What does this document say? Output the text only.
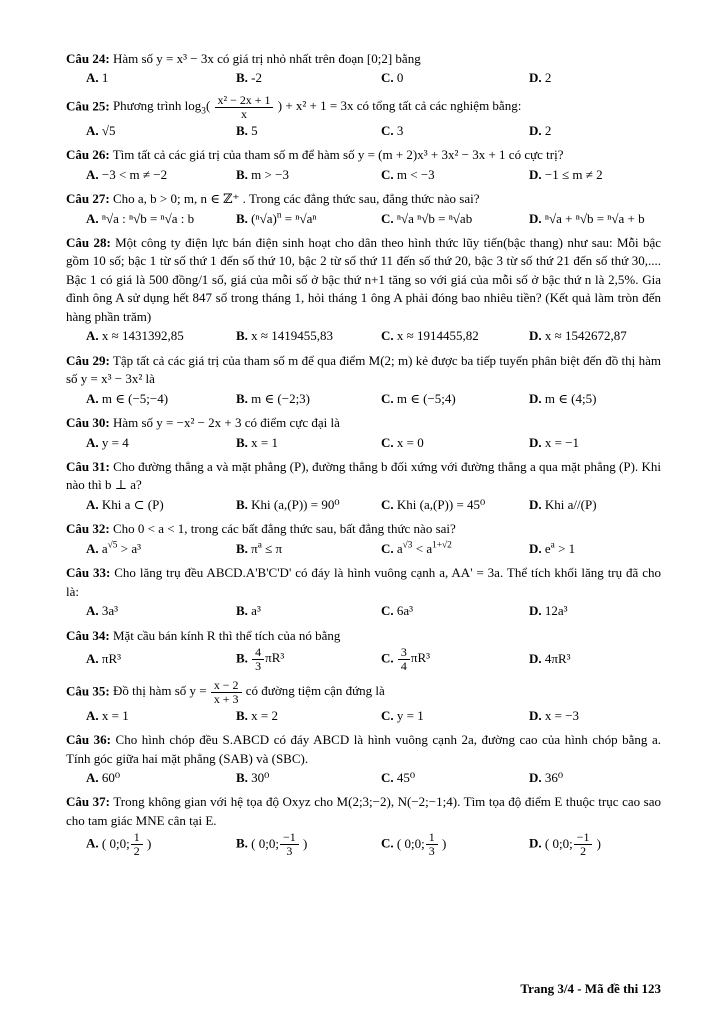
Câu 24: Hàm số y = x³ − 3x có giá trị nhỏ nhất trên đoạn [0;2] bằng
A. 1	B. -2	C. 0	D. 2
Câu 25: Phương trình $\log_3( \frac{\text{x² − 2x + 1}}{x}$ ) + x² + 1 = 3x có tổng tất cả các nghiệm bằng:
A. √5	B. 5	C. 3	D. 2
Câu 26: Tìm tất cả các giá trị của tham số m để hàm số y = (m + 2)x³ + 3x² − 3x + 1 có cực trị?
A. −3 < m ≠ −2	B. m > −3	C. m < −3	D. −1 ≤ m ≠ 2
Câu 27: Cho a, b > 0; m, n ∈ ℤ⁺ . Trong các đẳng thức sau, đẳng thức nào sai?
A. ⁿ√a : ⁿ√b = ⁿ√a : b	B. $(^n√a)^n = ^n√a^n$	C. ⁿ√a ⁿ√b = ⁿ√ab	D. ⁿ√a + ⁿ√b = ⁿ√a + b
Câu 28: Một công ty điện lực bán điện sinh hoạt cho dân theo hình thức lũy tiến(bậc thang) như sau: Mỗi bậc gồm 10 số; bậc 1 từ số thứ 1 đến số thứ 10, bậc 2 từ số thứ 11 đến số thứ 20, bậc 3 từ số thứ 21 đến số thứ 30,.... Bậc 1 có giá là 500 đồng/1 số, giá của mỗi số ở bậc thứ n+1 tăng so với giá của mỗi số ở bậc thứ n là 2,5%. Gia đình ông A sử dụng hết 847 số trong tháng 1, hỏi tháng 1 ông A phải đóng bao nhiêu tiền? (Kết quả làm tròn đến hàng phần trăm)
A. x ≈ 1431392,85	B. x ≈ 1419455,83	C. x ≈ 1914455,82	D. x ≈ 1542672,87
Câu 29: Tập tất cả các giá trị của tham số m để qua điểm M(2; m) kẻ được ba tiếp tuyến phân biệt đến đồ thị hàm số y = x³ − 3x² là
A. m ∈ (−5;−4)	B. m ∈ (−2;3)	C. m ∈ (−5;4)	D. m ∈ (4;5)
Câu 30: Hàm số y = −x² − 2x + 3 có điểm cực đại là
A. y = 4	B. x = 1	C. x = 0	D. x = −1
Câu 31: Cho đường thẳng a và mặt phẳng (P), đường thẳng b đối xứng với đường thẳng a qua mặt phẳng (P). Khi nào thì b ⊥ a?
A. Khi a ⊂ (P)	B. Khi (a,(P)) = 90⁰	C. Khi (a,(P)) = 45⁰	D. Khi a//(P)
Câu 32: Cho 0 < a < 1, trong các bất đẳng thức sau, bất đẳng thức nào sai?
A. $a^{√5} > a^3$	B. $\pi^a \le \pi$	C. $a^{√3} < a^{1+√2}$	D. $e^a > 1$
Câu 33: Cho lăng trụ đều ABCD.A'B'C'D' có đáy là hình vuông cạnh a, AA' = 3a. Thể tích khối lăng trụ đã cho là:
A. 3a³	B. a³	C. 6a³	D. 12a³
Câu 34: Mặt cầu bán kính R thì thể tích của nó bằng
A. πR³	B. $\frac{4}{3} \pi R^3$	C. $\frac{3}{4} \pi R^3$	D. 4πR³
Câu 35: Đồ thị hàm số $y = \frac{x - 2}{x + 3}$ có đường tiệm cận đứng là
A. x = 1	B. x = 2	C. y = 1	D. x = −3
Câu 36: Cho hình chóp đều S.ABCD có đáy ABCD là hình vuông cạnh 2a, đường cao của hình chóp bằng a. Tính góc giữa hai mặt phẳng (SAB) và (SBC).
A. 60⁰	B. 30⁰	C. 45⁰	D. 36⁰
Câu 37: Trong không gian với hệ tọa độ Oxyz cho M(2;3;−2), N(−2;−1;4). Tìm tọa độ điểm E thuộc trục cao sao cho tam giác MNE cân tại E.
A. ( 0;0; $\frac{1}{2}$ )	B. ( 0;0; $\frac{-1}{3}$ )	C. ( 0;0; $\frac{1}{3}$ )	D. ( 0;0; $\frac{-1}{2}$ )
Trang 3/4 - Mã đề thi 123
